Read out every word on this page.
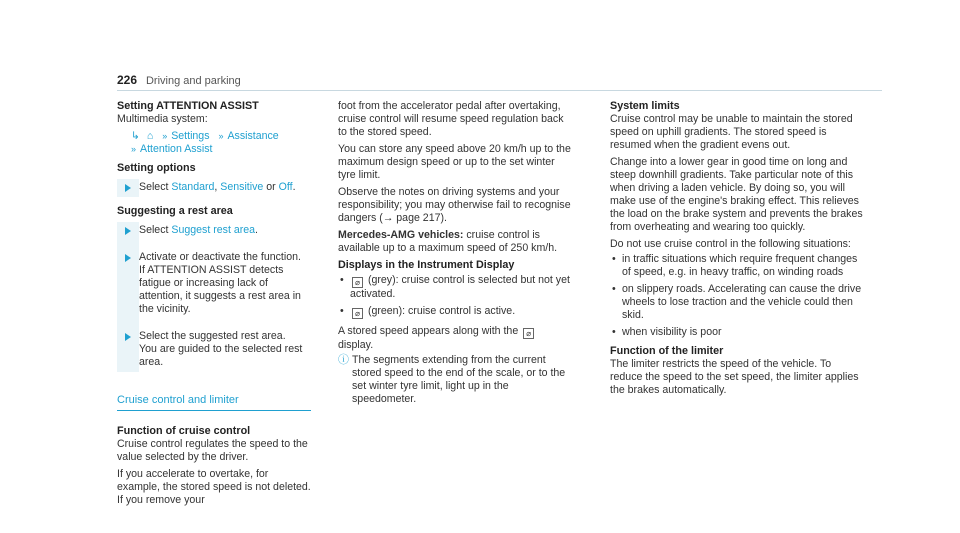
226 Driving and parking
Setting ATTENTION ASSIST

Multimedia system:

↳ ⌂ » Settings » Assistance
» Attention Assist
Setting options
Select Standard, Sensitive or Off.
Suggesting a rest area
Select Suggest rest area.

Activate or deactivate the function.

If ATTENTION ASSIST detects fatigue or increasing lack of attention, it suggests a rest area in the vicinity.

Select the suggested rest area.

You are guided to the selected rest area.

Cruise control and limiter
Function of cruise control

Cruise control regulates the speed to the value selected by the driver.

If you accelerate to overtake, for example, the stored speed is not deleted. If you remove your

foot from the accelerator pedal after overtaking, cruise control will resume speed regulation back to the stored speed.

You can store any speed above 20 km/h up to the maximum design speed or up to the set winter tyre limit.

Observe the notes on driving systems and your responsibility; you may otherwise fail to recognise dangers (→ page 217).

Mercedes-AMG vehicles: cruise control is available up to a maximum speed of 250 km/h.

Displays in the Instrument Display
•	⌀ (grey): cruise control is selected but not yet activated.
•	⌀ (green): cruise control is active.

A stored speed appears along with the ⌀ display.

ⓘ The segments extending from the current stored speed to the end of the scale, or to the set winter tyre limit, light up in the speedometer.
System limits

Cruise control may be unable to maintain the stored speed on uphill gradients. The stored speed is resumed when the gradient evens out.

Change into a lower gear in good time on long and steep downhill gradients. Take particular note of this when driving a laden vehicle. By doing so, you will make use of the engine's braking effect. This relieves the load on the brake system and prevents the brakes from overheating and wearing too quickly.

Do not use cruise control in the following situations:

• in traffic situations which require frequent changes of speed, e.g. in heavy traffic, on winding roads
• on slippery roads. Accelerating can cause the drive wheels to lose traction and the vehicle could then skid.
• when visibility is poor
Function of the limiter

The limiter restricts the speed of the vehicle. To reduce the speed to the set speed, the limiter applies the brakes automatically.
